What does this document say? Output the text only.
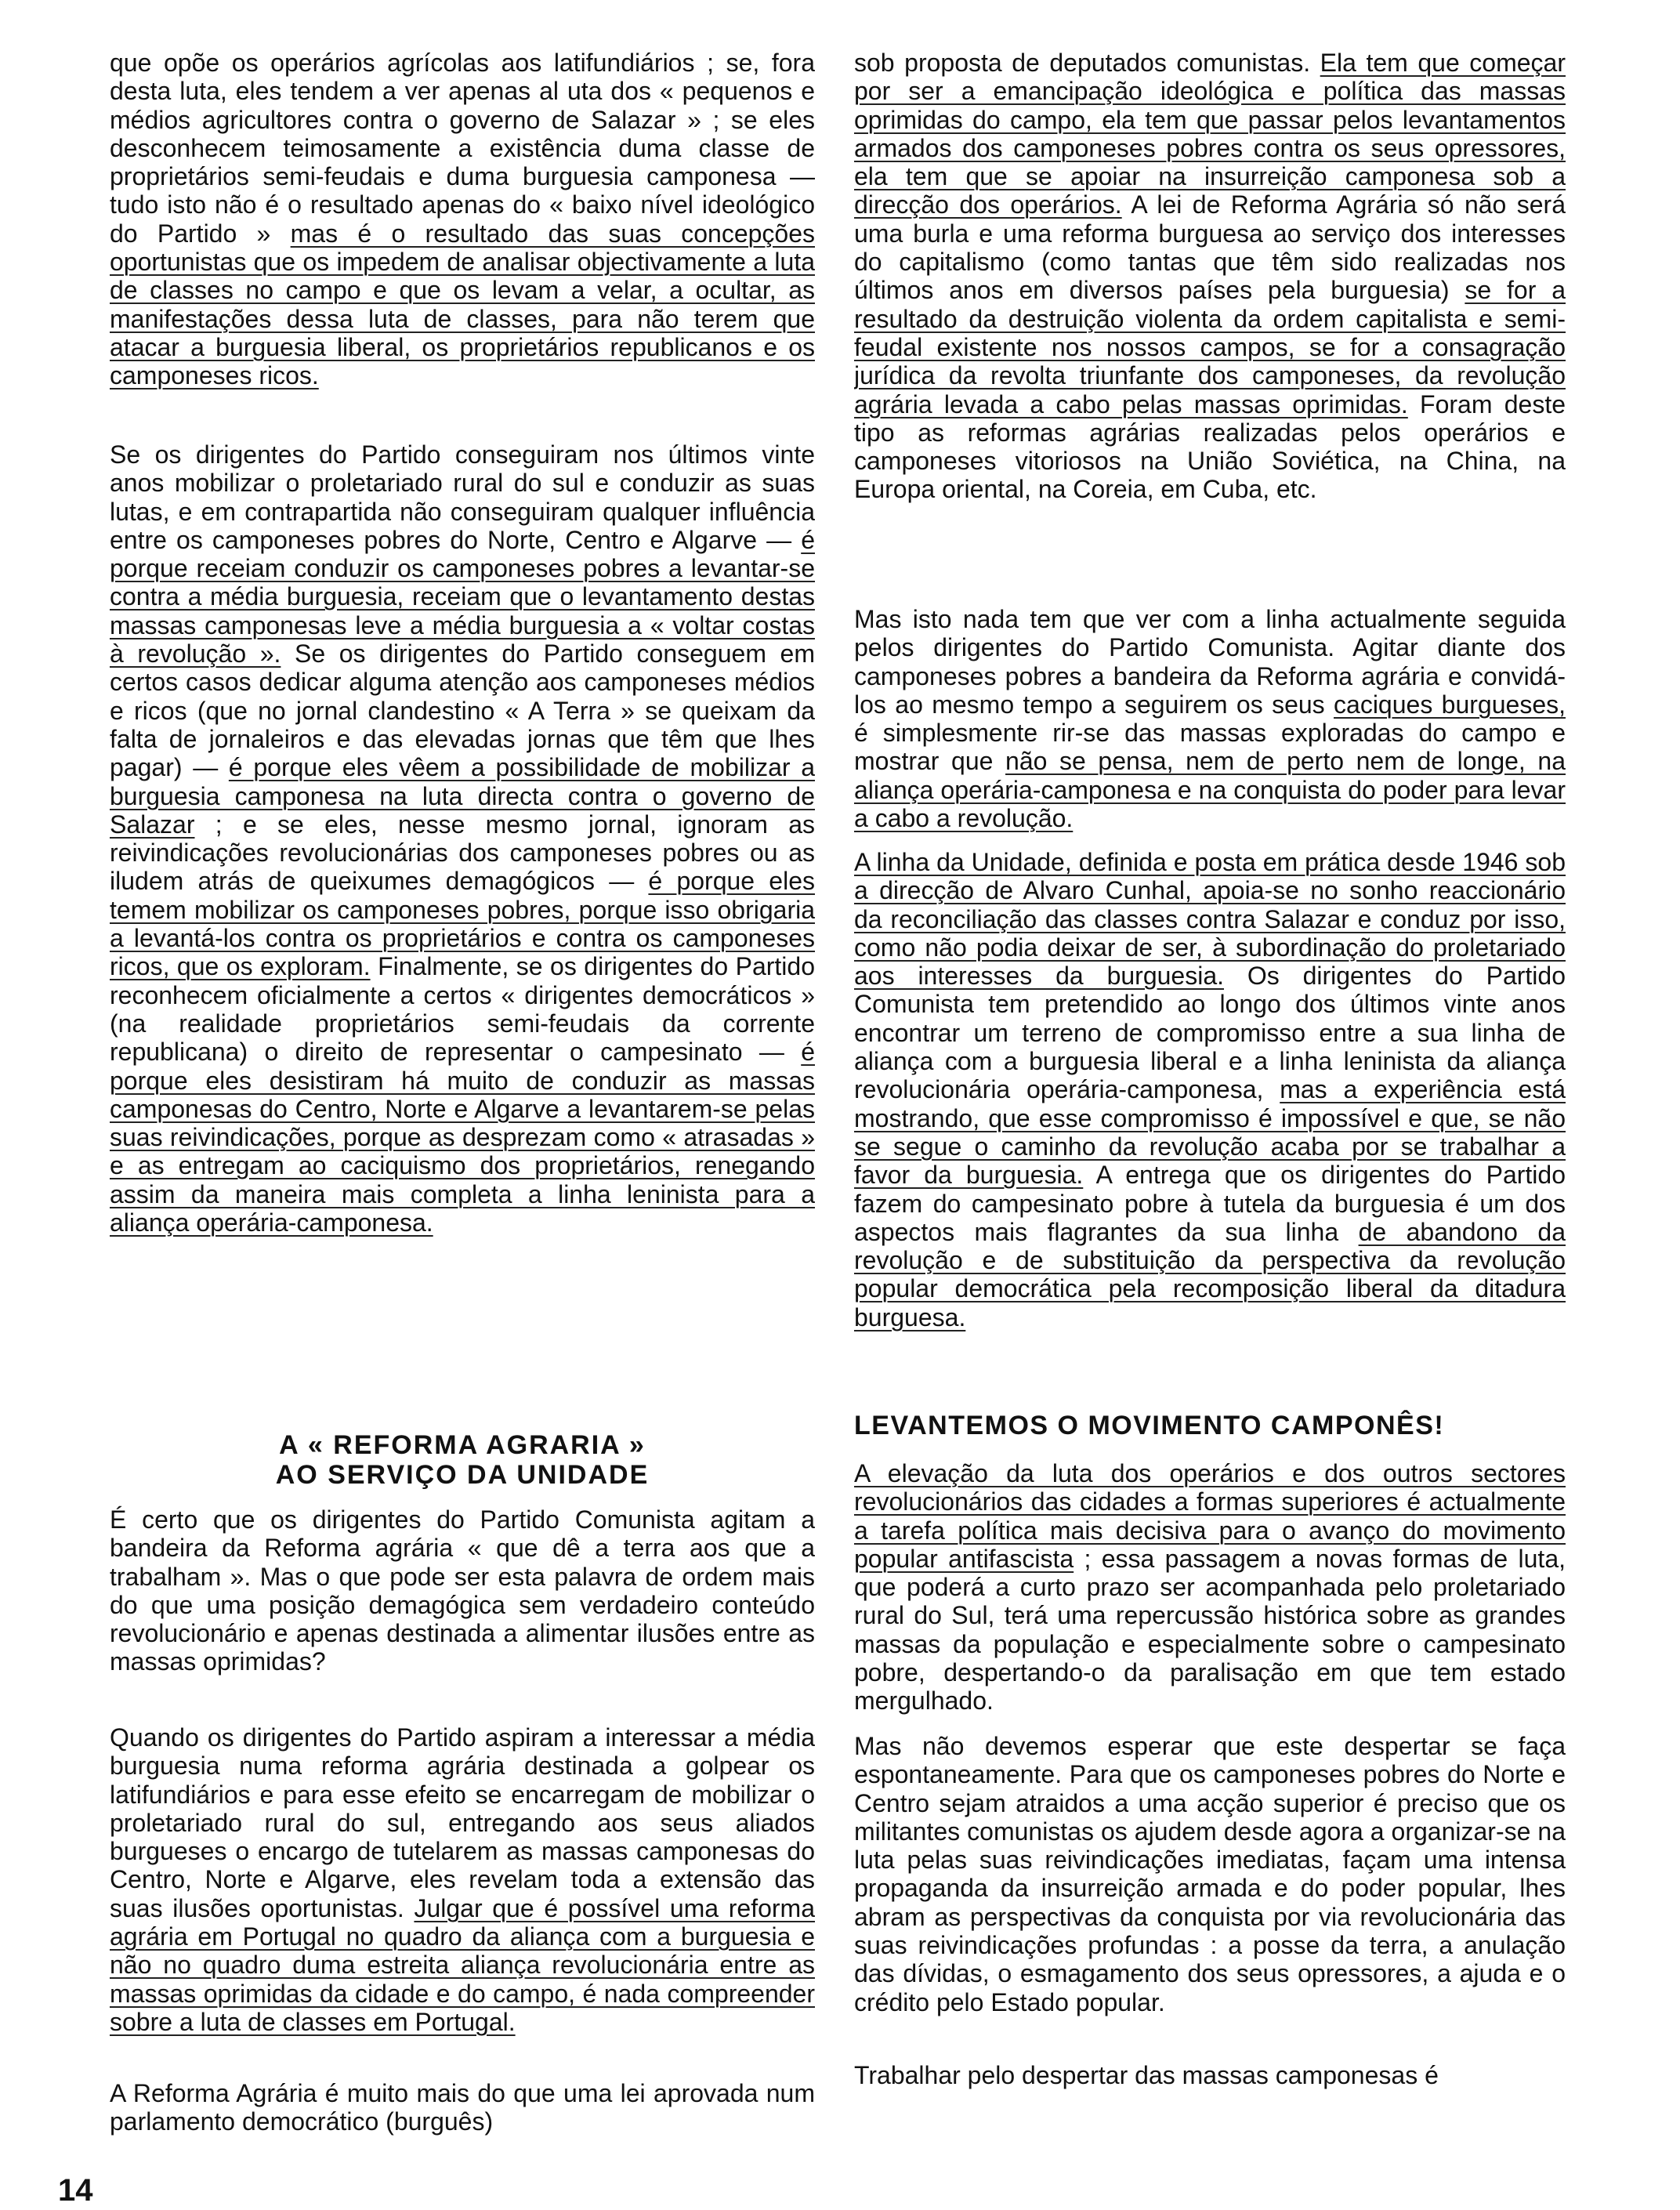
que opõe os operários agrícolas aos latifundiários ; se, fora desta luta, eles tendem a ver apenas al uta dos « pequenos e médios agricultores contra o governo de Salazar » ; se eles desconhecem teimosamente a existência duma classe de proprietários semi-feudais e duma burguesia camponesa — tudo isto não é o resultado apenas do « baixo nível ideológico do Partido » mas é o resultado das suas concepções oportunistas que os impedem de analisar objectivamente a luta de classes no campo e que os levam a velar, a ocultar, as manifestações dessa luta de classes, para não terem que atacar a burguesia liberal, os proprietários republicanos e os camponeses ricos.

Se os dirigentes do Partido conseguiram nos últimos vinte anos mobilizar o proletariado rural do sul e conduzir as suas lutas, e em contrapartida não conseguiram qualquer influência entre os camponeses pobres do Norte, Centro e Algarve — é porque receiam conduzir os camponeses pobres a levantar-se contra a média burguesia, receiam que o levantamento destas massas camponesas leve a média burguesia a « voltar costas à revolução ». Se os dirigentes do Partido conseguem em certos casos dedicar alguma atenção aos camponeses médios e ricos (que no jornal clandestino « A Terra » se queixam da falta de jornaleiros e das elevadas jornas que têm que lhes pagar) — é porque eles vêem a possibilidade de mobilizar a burguesia camponesa na luta directa contra o governo de Salazar ; e se eles, nesse mesmo jornal, ignoram as reivindicações revolucionárias dos camponeses pobres ou as iludem atrás de queixumes demagógicos — é porque eles temem mobilizar os camponeses pobres, porque isso obrigaria a levantá-los contra os proprietários e contra os camponeses ricos, que os exploram. Finalmente, se os dirigentes do Partido reconhecem oficialmente a certos « dirigentes democráticos » (na realidade proprietários semi-feudais da corrente republicana) o direito de representar o campesinato — é porque eles desistiram há muito de conduzir as massas camponesas do Centro, Norte e Algarve a levantarem-se pelas suas reivindicações, porque as desprezam como « atrasadas » e as entregam ao caciquismo dos proprietários, renegando assim da maneira mais completa a linha leninista para a aliança operária-camponesa.

A « REFORMA AGRARIA »
AO SERVIÇO DA UNIDADE

É certo que os dirigentes do Partido Comunista agitam a bandeira da Reforma agrária « que dê a terra aos que a trabalham ». Mas o que pode ser esta palavra de ordem mais do que uma posição demagógica sem verdadeiro conteúdo revolucionário e apenas destinada a alimentar ilusões entre as massas oprimidas?

Quando os dirigentes do Partido aspiram a interessar a média burguesia numa reforma agrária destinada a golpear os latifundiários e para esse efeito se encarregam de mobilizar o proletariado rural do sul, entregando aos seus aliados burgueses o encargo de tutelarem as massas camponesas do Centro, Norte e Algarve, eles revelam toda a extensão das suas ilusões oportunistas. Julgar que é possível uma reforma agrária em Portugal no quadro da aliança com a burguesia e não no quadro duma estreita aliança revolucionária entre as massas oprimidas da cidade e do campo, é nada compreender sobre a luta de classes em Portugal.

A Reforma Agrária é muito mais do que uma lei aprovada num parlamento democrático (burguês)

sob proposta de deputados comunistas. Ela tem que começar por ser a emancipação ideológica e política das massas oprimidas do campo, ela tem que passar pelos levantamentos armados dos camponeses pobres contra os seus opressores, ela tem que se apoiar na insurreição camponesa sob a direcção dos operários. A lei de Reforma Agrária só não será uma burla e uma reforma burguesa ao serviço dos interesses do capitalismo (como tantas que têm sido realizadas nos últimos anos em diversos países pela burguesia) se for a resultado da destruição violenta da ordem capitalista e semi-feudal existente nos nossos campos, se for a consagração jurídica da revolta triunfante dos camponeses, da revolução agrária levada a cabo pelas massas oprimidas. Foram deste tipo as reformas agrárias realizadas pelos operários e camponeses vitoriosos na União Soviética, na China, na Europa oriental, na Coreia, em Cuba, etc.

Mas isto nada tem que ver com a linha actualmente seguida pelos dirigentes do Partido Comunista. Agitar diante dos camponeses pobres a bandeira da Reforma agrária e convidá-los ao mesmo tempo a seguirem os seus caciques burgueses, é simplesmente rir-se das massas exploradas do campo e mostrar que não se pensa, nem de perto nem de longe, na aliança operária-camponesa e na conquista do poder para levar a cabo a revolução.

A linha da Unidade, definida e posta em prática desde 1946 sob a direcção de Alvaro Cunhal, apoia-se no sonho reaccionário da reconciliação das classes contra Salazar e conduz por isso, como não podia deixar de ser, à subordinação do proletariado aos interesses da burguesia. Os dirigentes do Partido Comunista tem pretendido ao longo dos últimos vinte anos encontrar um terreno de compromisso entre a sua linha de aliança com a burguesia liberal e a linha leninista da aliança revolucionária operária-camponesa, mas a experiência está mostrando, que esse compromisso é impossível e que, se não se segue o caminho da revolução acaba por se trabalhar a favor da burguesia. A entrega que os dirigentes do Partido fazem do campesinato pobre à tutela da burguesia é um dos aspectos mais flagrantes da sua linha de abandono da revolução e de substituição da perspectiva da revolução popular democrática pela recomposição liberal da ditadura burguesa.

LEVANTEMOS O MOVIMENTO CAMPONÊS!

A elevação da luta dos operários e dos outros sectores revolucionários das cidades a formas superiores é actualmente a tarefa política mais decisiva para o avanço do movimento popular antifascista ; essa passagem a novas formas de luta, que poderá a curto prazo ser acompanhada pelo proletariado rural do Sul, terá uma repercussão histórica sobre as grandes massas da população e especialmente sobre o campesinato pobre, despertando-o da paralisação em que tem estado mergulhado.

Mas não devemos esperar que este despertar se faça espontaneamente. Para que os camponeses pobres do Norte e Centro sejam atraidos a uma acção superior é preciso que os militantes comunistas os ajudem desde agora a organizar-se na luta pelas suas reivindicações imediatas, façam uma intensa propaganda da insurreição armada e do poder popular, lhes abram as perspectivas da conquista por via revolucionária das suas reivindicações profundas : a posse da terra, a anulação das dívidas, o esmagamento dos seus opressores, a ajuda e o crédito pelo Estado popular.

Trabalhar pelo despertar das massas camponesas é

14
